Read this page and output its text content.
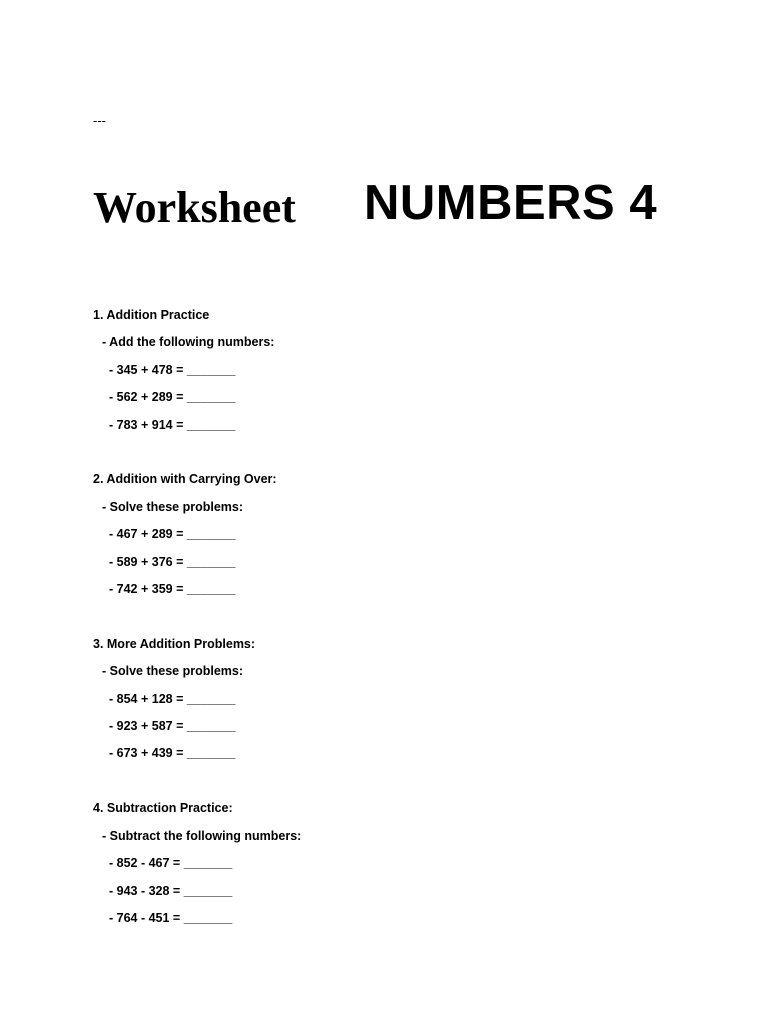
---
Worksheet NUMBERS 4
1. Addition Practice
- Add the following numbers:
- 345 + 478 = _______
- 562 + 289 = _______
- 783 + 914 = _______
2. Addition with Carrying Over:
- Solve these problems:
- 467 + 289 = _______
- 589 + 376 = _______
- 742 + 359 = _______
3. More Addition Problems:
- Solve these problems:
- 854 + 128 = _______
- 923 + 587 = _______
- 673 + 439 = _______
4. Subtraction Practice:
- Subtract the following numbers:
- 852 - 467 = _______
- 943 - 328 = _______
- 764 - 451 = _______
